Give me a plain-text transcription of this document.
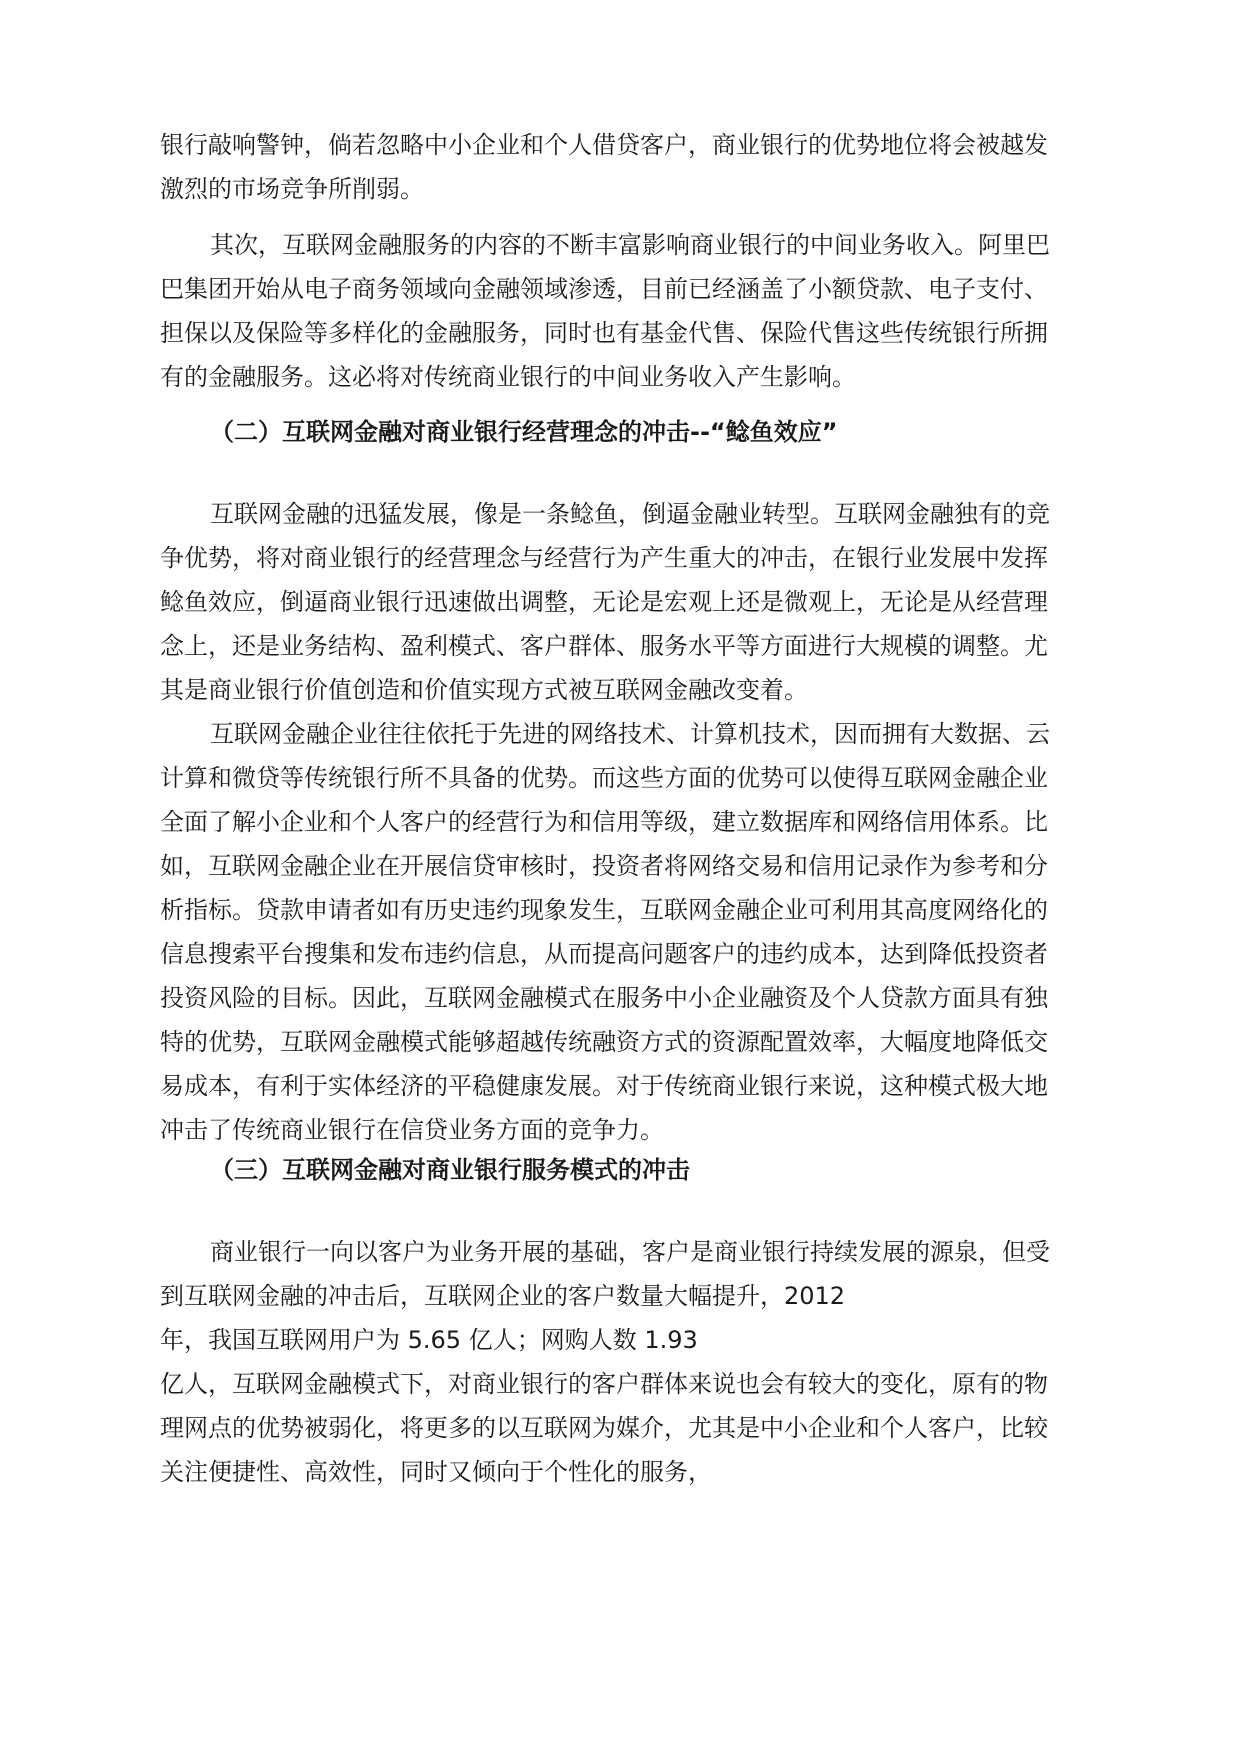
银行敲响警钟，倘若忽略中小企业和个人借贷客户，商业银行的优势地位将会被越发
激烈的市场竞争所削弱。
其次，互联网金融服务的内容的不断丰富影响商业银行的中间业务收入。阿里巴
巴集团开始从电子商务领域向金融领域渗透，目前已经涵盖了小额贷款、电子支付、
担保以及保险等多样化的金融服务，同时也有基金代售、保险代售这些传统银行所拥
有的金融服务。这必将对传统商业银行的中间业务收入产生影响。
（二）互联网金融对商业银行经营理念的冲击--“鲶鱼效应”
互联网金融的迅猛发展，像是一条鲶鱼，倒逼金融业转型。互联网金融独有的竞
争优势，将对商业银行的经营理念与经营行为产生重大的冲击，在银行业发展中发挥
鲶鱼效应，倒逼商业银行迅速做出调整，无论是宏观上还是微观上，无论是从经营理
念上，还是业务结构、盈利模式、客户群体、服务水平等方面进行大规模的调整。尤
其是商业银行价值创造和价值实现方式被互联网金融改变着。
互联网金融企业往往依托于先进的网络技术、计算机技术，因而拥有大数据、云
计算和微贷等传统银行所不具备的优势。而这些方面的优势可以使得互联网金融企业
全面了解小企业和个人客户的经营行为和信用等级，建立数据库和网络信用体系。比
如，互联网金融企业在开展信贷审核时，投资者将网络交易和信用记录作为参考和分
析指标。贷款申请者如有历史违约现象发生，互联网金融企业可利用其高度网络化的
信息搜索平台搜集和发布违约信息，从而提高问题客户的违约成本，达到降低投资者
投资风险的目标。因此，互联网金融模式在服务中小企业融资及个人贷款方面具有独
特的优势，互联网金融模式能够超越传统融资方式的资源配置效率，大幅度地降低交
易成本，有利于实体经济的平稳健康发展。对于传统商业银行来说，这种模式极大地
冲击了传统商业银行在信贷业务方面的竞争力。
（三）互联网金融对商业银行服务模式的冲击
商业银行一向以客户为业务开展的基础，客户是商业银行持续发展的源泉，但受
到互联网金融的冲击后，互联网企业的客户数量大幅提升，2012
年，我国互联网用户为 5.65 亿人；网购人数 1.93
亿人，互联网金融模式下，对商业银行的客户群体来说也会有较大的变化，原有的物
理网点的优势被弱化，将更多的以互联网为媒介，尤其是中小企业和个人客户，比较
关注便捷性、高效性，同时又倾向于个性化的服务，
